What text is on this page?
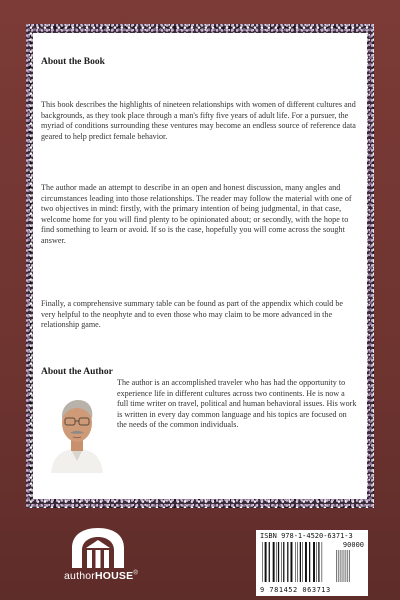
About the Book

This book describes the highlights of nineteen relationships with women of different cultures and backgrounds, as they took place through a man's fifty five years of adult life. For a pursuer, the myriad of conditions surrounding these ventures may become an endless source of reference data geared to help predict female behavior.

The author made an attempt to describe in an open and honest discussion, many angles and circumstances leading into those relationships. The reader may follow the material with one of two objectives in mind: firstly, with the primary intention of being judgmental, in that case, welcome home for you will find plenty to be opinionated about; or secondly, with the hope to find something to learn or avoid. If so is the case, hopefully you will come across the sought answer.

Finally, a comprehensive summary table can be found as part of the appendix which could be very helpful to the neophyte and to even those who may claim to be more advanced in the relationship game.

About the Author

The author is an accomplished traveler who has had the opportunity to experience life in different cultures across two continents. He is now a full time writer on travel, political and human behavioral issues. His work is written in every day common language and his topics are focused on the needs of the common individuals.

authorHOUSE®
ISBN 978-1-4520-6371-3
90000
9 781452 063713
